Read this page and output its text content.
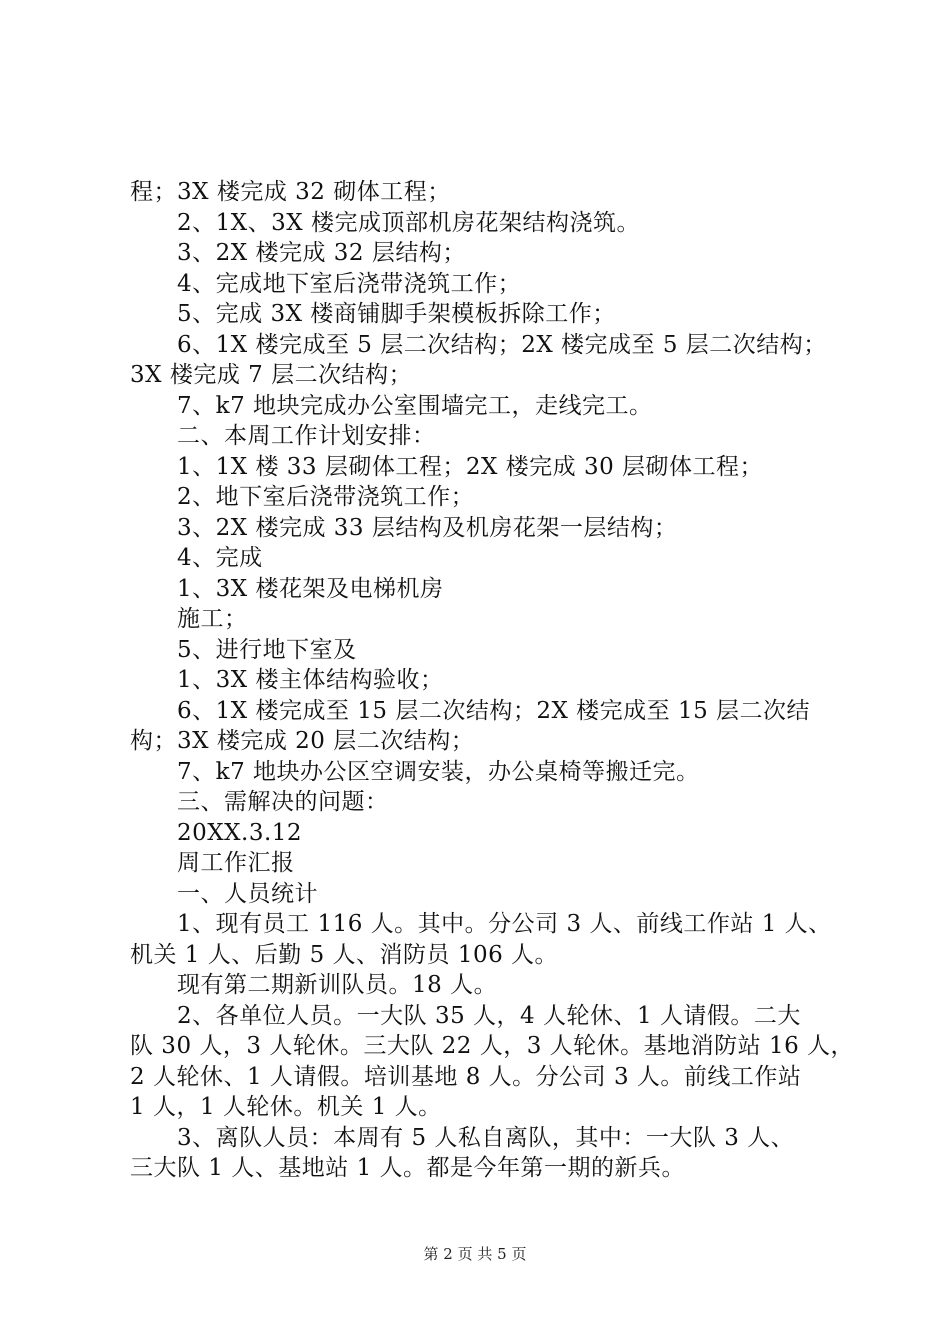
程；3X 楼完成 32 砌体工程；
　　2、1X、3X 楼完成顶部机房花架结构浇筑。
　　3、2X 楼完成 32 层结构；
　　4、完成地下室后浇带浇筑工作；
　　5、完成 3X 楼商铺脚手架模板拆除工作；
　　6、1X 楼完成至 5 层二次结构；2X 楼完成至 5 层二次结构；
3X 楼完成 7 层二次结构；
　　7、k7 地块完成办公室围墙完工，走线完工。
　　二、本周工作计划安排：
　　1、1X 楼 33 层砌体工程；2X 楼完成 30 层砌体工程；
　　2、地下室后浇带浇筑工作；
　　3、2X 楼完成 33 层结构及机房花架一层结构；
　　4、完成
　　1、3X 楼花架及电梯机房
　　施工；
　　5、进行地下室及
　　1、3X 楼主体结构验收；
　　6、1X 楼完成至 15 层二次结构；2X 楼完成至 15 层二次结
构；3X 楼完成 20 层二次结构；
　　7、k7 地块办公区空调安装，办公桌椅等搬迁完。
　　三、需解决的问题：
　　20XX.3.12
　　周工作汇报
　　一、人员统计
　　1、现有员工 116 人。其中。分公司 3 人、前线工作站 1 人、
机关 1 人、后勤 5 人、消防员 106 人。
　　现有第二期新训队员。18 人。
　　2、各单位人员。一大队 35 人，4 人轮休、1 人请假。二大
队 30 人，3 人轮休。三大队 22 人，3 人轮休。基地消防站 16 人，
2 人轮休、1 人请假。培训基地 8 人。分公司 3 人。前线工作站
1 人，1 人轮休。机关 1 人。
　　3、离队人员：本周有 5 人私自离队，其中：一大队 3 人、
三大队 1 人、基地站 1 人。都是今年第一期的新兵。
第 2 页 共 5 页
